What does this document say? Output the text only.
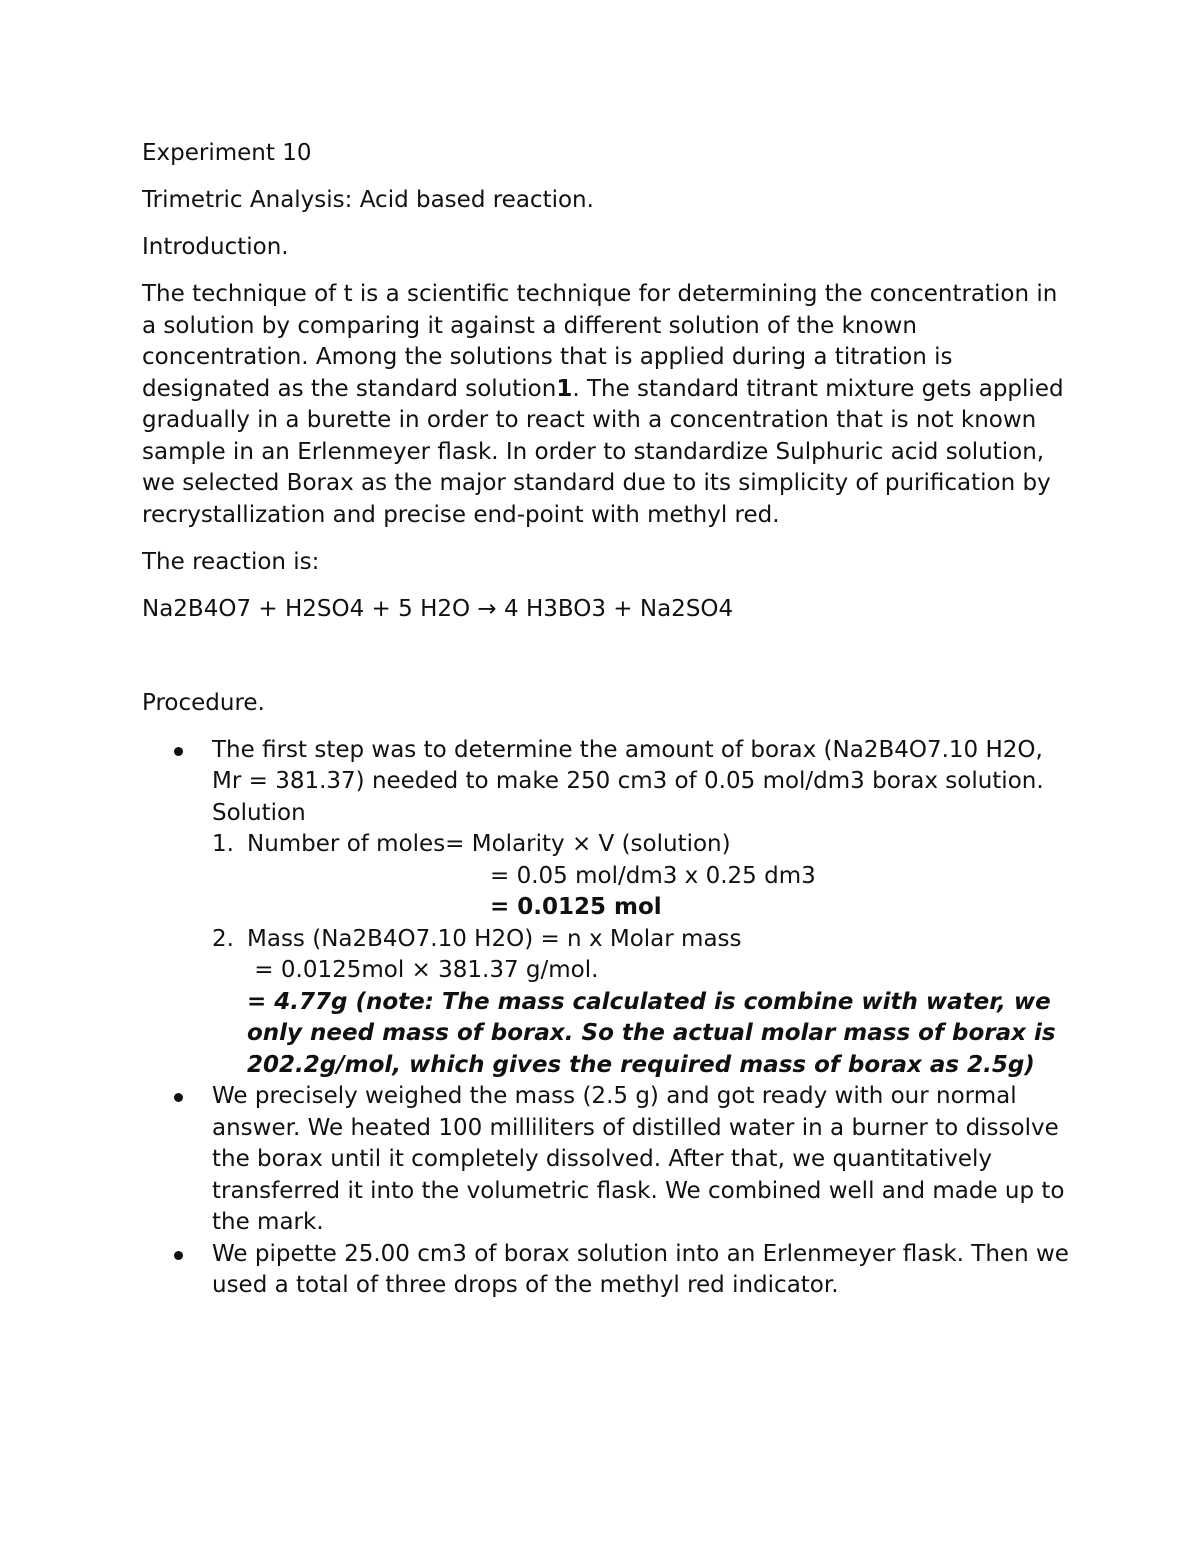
Experiment 10

Trimetric Analysis: Acid based reaction.

Introduction.

The technique of t is a scientific technique for determining the concentration in a solution by comparing it against a different solution of the known concentration. Among the solutions that is applied during a titration is designated as the standard solution1. The standard titrant mixture gets applied gradually in a burette in order to react with a concentration that is not known sample in an Erlenmeyer flask. In order to standardize Sulphuric acid solution, we selected Borax as the major standard due to its simplicity of purification by recrystallization and precise end-point with methyl red.

The reaction is:

Na2B4O7 + H2SO4 + 5 H2O → 4 H3BO3 + Na2SO4

Procedure.

The first step was to determine the amount of borax (Na2B4O7.10 H2O, Mr = 381.37) needed to make 250 cm3 of 0.05 mol/dm3 borax solution.
Solution
1. Number of moles= Molarity × V (solution)
= 0.05 mol/dm3 x 0.25 dm3
= 0.0125 mol
2. Mass (Na2B4O7.10 H2O) = n x Molar mass
= 0.0125mol × 381.37 g/mol.
= 4.77g (note: The mass calculated is combine with water, we only need mass of borax. So the actual molar mass of borax is 202.2g/mol, which gives the required mass of borax as 2.5g)
We precisely weighed the mass (2.5 g) and got ready with our normal answer. We heated 100 milliliters of distilled water in a burner to dissolve the borax until it completely dissolved. After that, we quantitatively transferred it into the volumetric flask. We combined well and made up to the mark.
We pipette 25.00 cm3 of borax solution into an Erlenmeyer flask. Then we used a total of three drops of the methyl red indicator.
